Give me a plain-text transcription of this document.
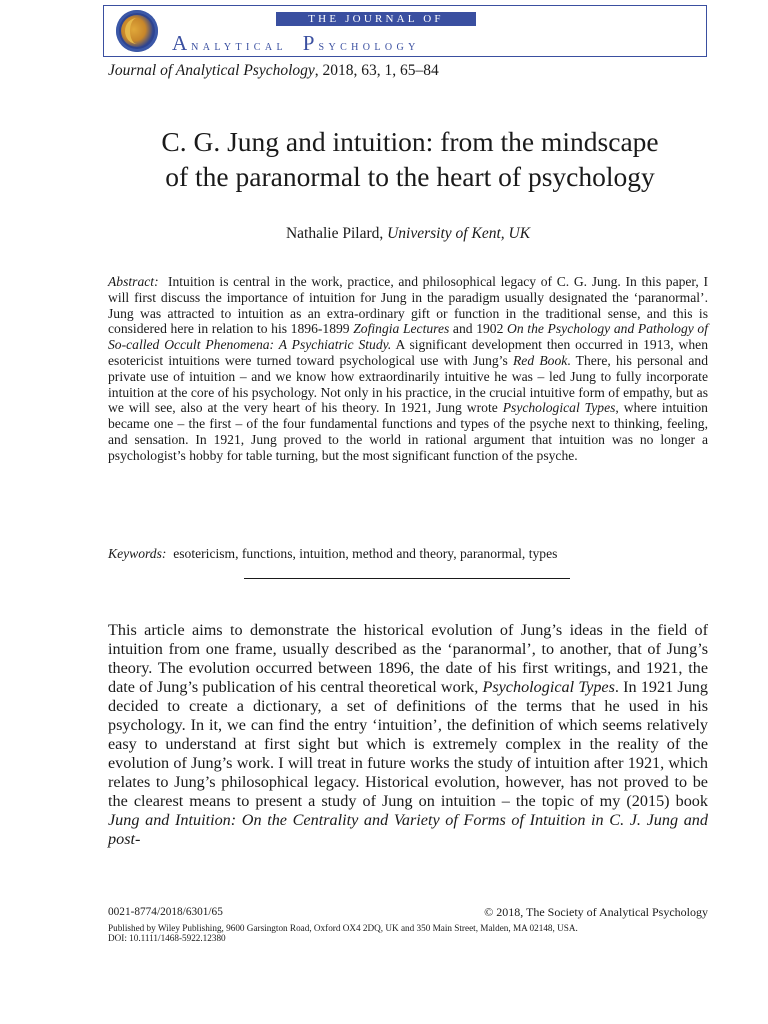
THE JOURNAL OF
Analytical Psychology
Journal of Analytical Psychology, 2018, 63, 1, 65–84
C. G. Jung and intuition: from the mindscape
of the paranormal to the heart of psychology
Nathalie Pilard, University of Kent, UK

Abstract: Intuition is central in the work, practice, and philosophical legacy of C. G. Jung. In this paper, I will first discuss the importance of intuition for Jung in the paradigm usually designated the ‘paranormal’. Jung was attracted to intuition as an extra-ordinary gift or function in the traditional sense, and this is considered here in relation to his 1896-1899 Zofingia Lectures and 1902 On the Psychology and Pathology of So-called Occult Phenomena: A Psychiatric Study. A significant development then occurred in 1913, when esotericist intuitions were turned toward psychological use with Jung’s Red Book. There, his personal and private use of intuition – and we know how extraordinarily intuitive he was – led Jung to fully incorporate intuition at the core of his psychology. Not only in his practice, in the crucial intuitive form of empathy, but as we will see, also at the very heart of his theory. In 1921, Jung wrote Psychological Types, where intuition became one – the first – of the four fundamental functions and types of the psyche next to thinking, feeling, and sensation. In 1921, Jung proved to the world in rational argument that intuition was no longer a psychologist’s hobby for table turning, but the most significant function of the psyche.

Keywords: esotericism, functions, intuition, method and theory, paranormal, types

This article aims to demonstrate the historical evolution of Jung’s ideas in the field of intuition from one frame, usually described as the ‘paranormal’, to another, that of Jung’s theory. The evolution occurred between 1896, the date of his first writings, and 1921, the date of Jung’s publication of his central theoretical work, Psychological Types. In 1921 Jung decided to create a dictionary, a set of definitions of the terms that he used in his psychology. In it, we can find the entry ‘intuition’, the definition of which seems relatively easy to understand at first sight but which is extremely complex in the reality of the evolution of Jung’s work. I will treat in future works the study of intuition after 1921, which relates to Jung’s philosophical legacy. Historical evolution, however, has not proved to be the clearest means to present a study of Jung on intuition – the topic of my (2015) book Jung and Intuition: On the Centrality and Variety of Forms of Intuition in C. J. Jung and post-

0021-8774/2018/6301/65	© 2018, The Society of Analytical Psychology
Published by Wiley Publishing, 9600 Garsington Road, Oxford OX4 2DQ, UK and 350 Main Street, Malden, MA 02148, USA.
DOI: 10.1111/1468-5922.12380
